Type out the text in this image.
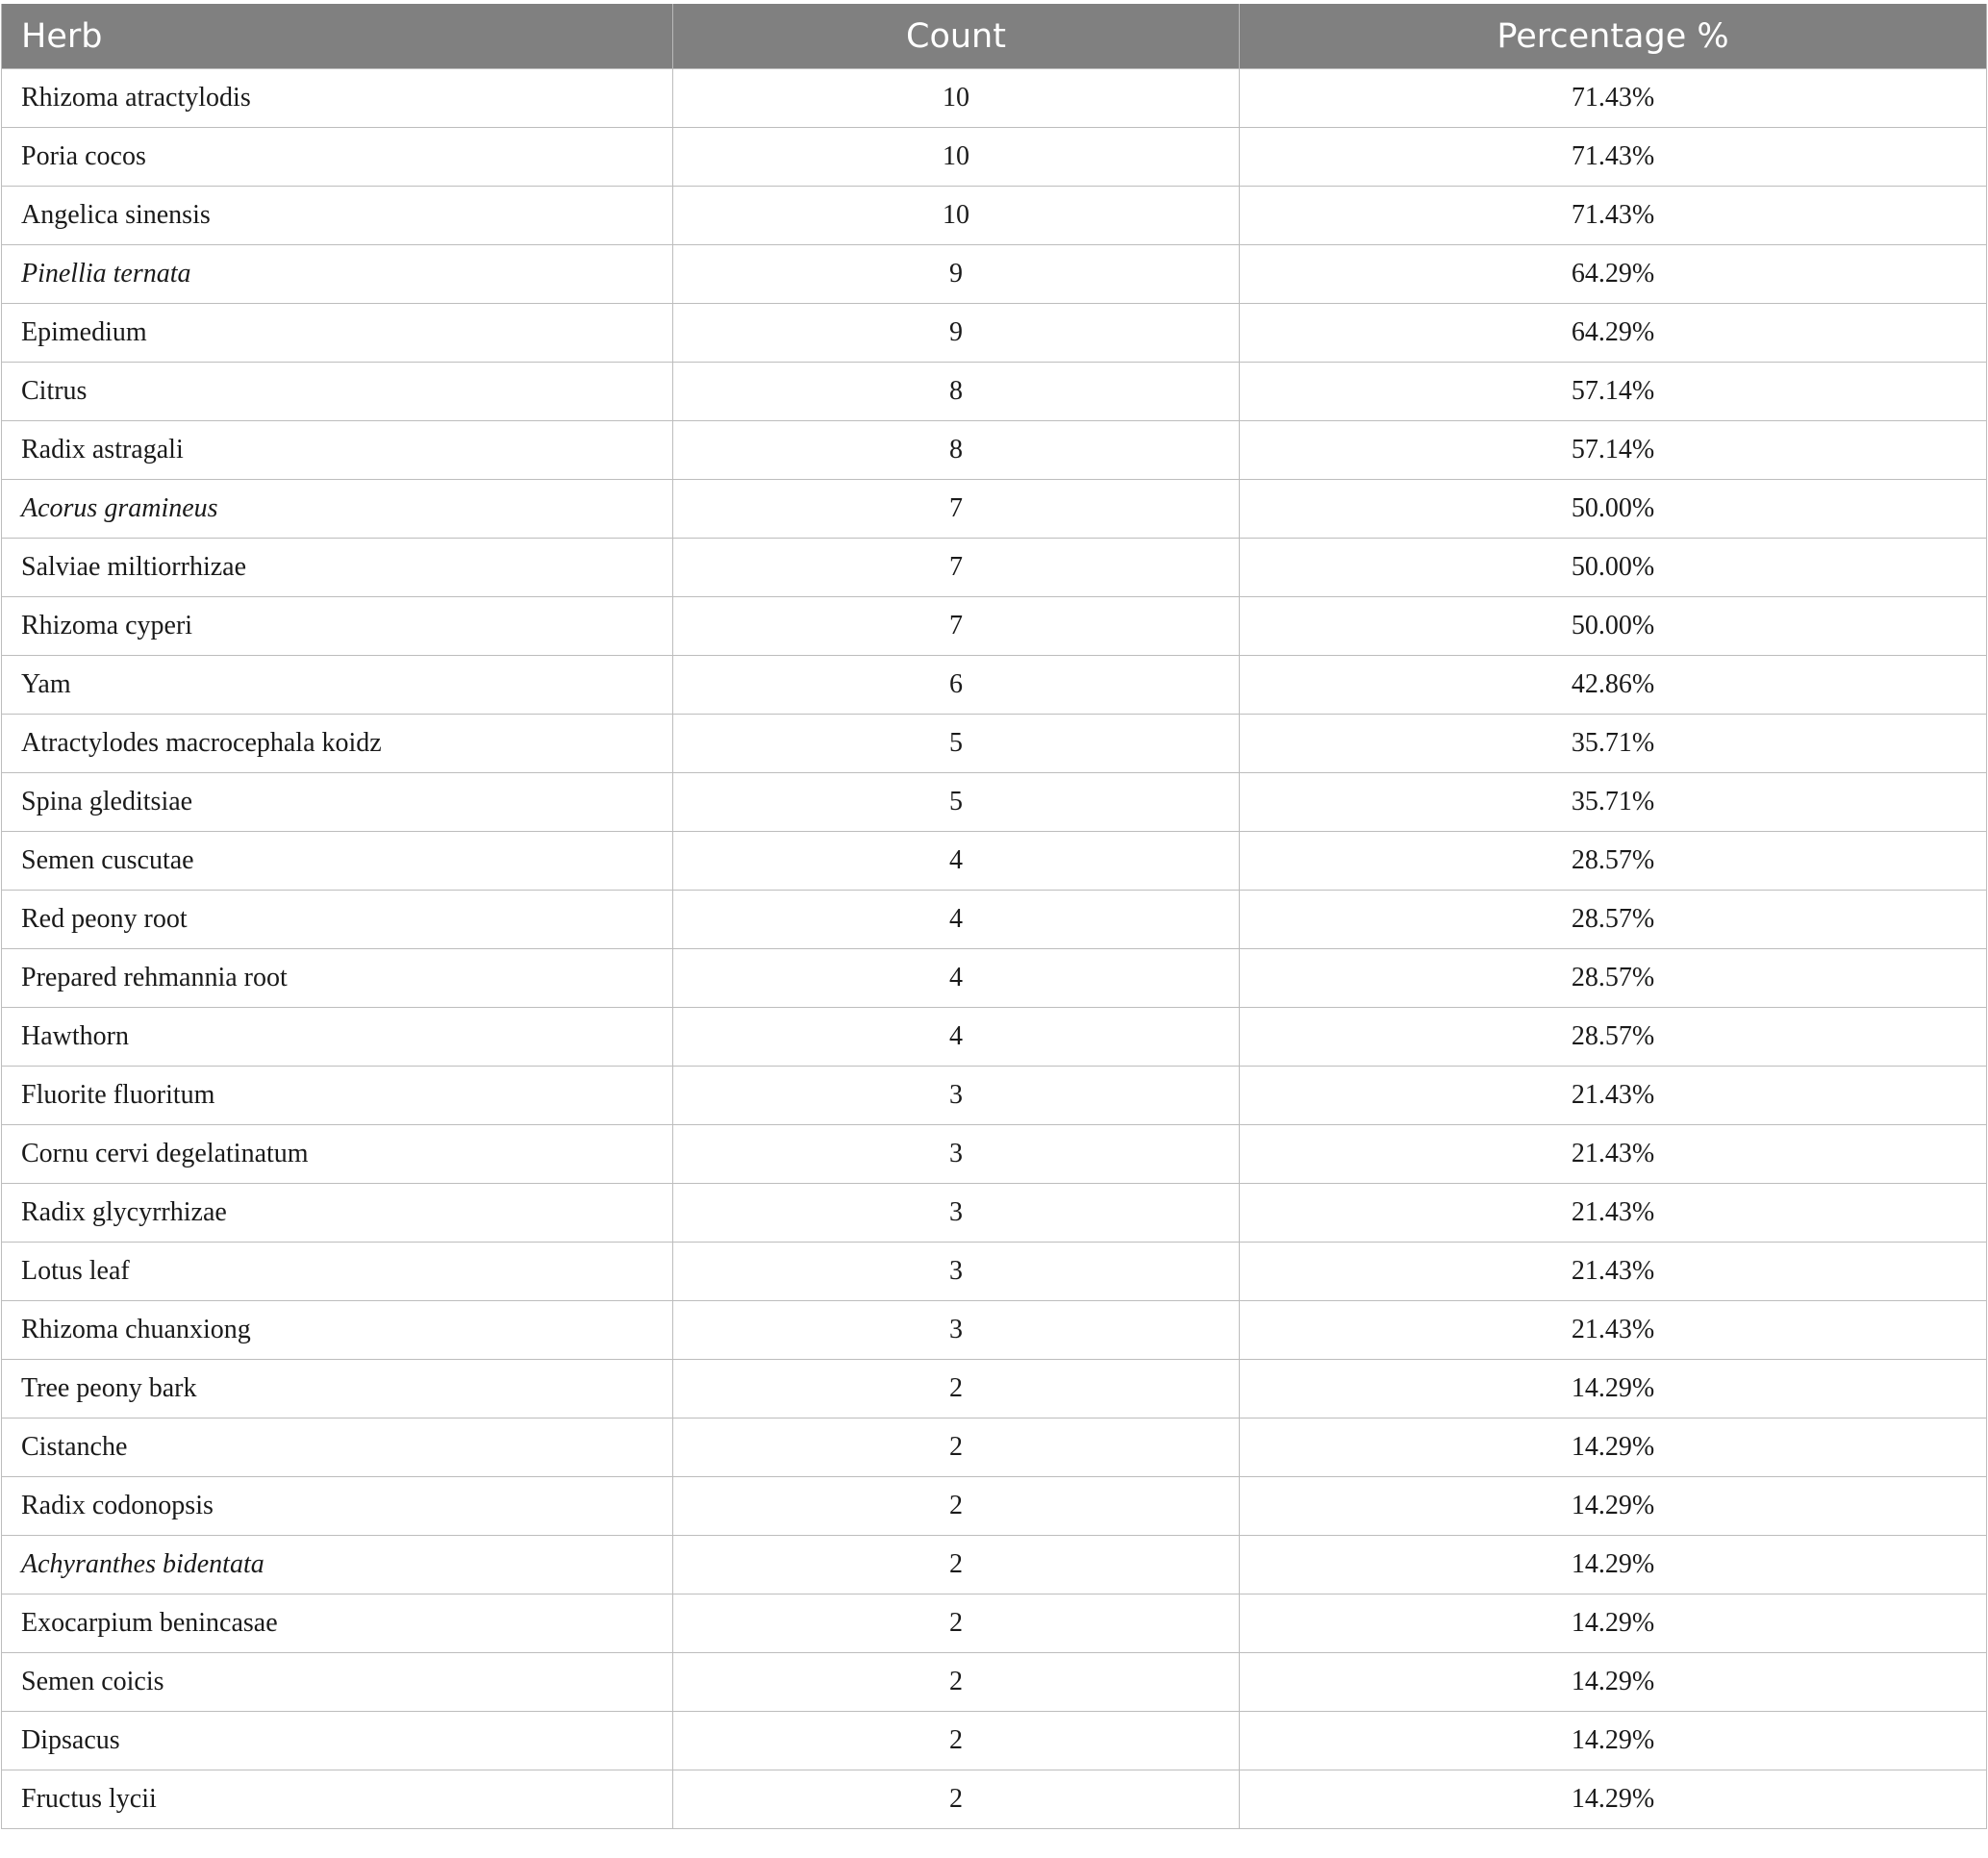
Herb	Count	Percentage %
Rhizoma atractylodis	10	71.43%
Poria cocos	10	71.43%
Angelica sinensis	10	71.43%
Pinellia ternata	9	64.29%
Epimedium	9	64.29%
Citrus	8	57.14%
Radix astragali	8	57.14%
Acorus gramineus	7	50.00%
Salviae miltiorrhizae	7	50.00%
Rhizoma cyperi	7	50.00%
Yam	6	42.86%
Atractylodes macrocephala koidz	5	35.71%
Spina gleditsiae	5	35.71%
Semen cuscutae	4	28.57%
Red peony root	4	28.57%
Prepared rehmannia root	4	28.57%
Hawthorn	4	28.57%
Fluorite fluoritum	3	21.43%
Cornu cervi degelatinatum	3	21.43%
Radix glycyrrhizae	3	21.43%
Lotus leaf	3	21.43%
Rhizoma chuanxiong	3	21.43%
Tree peony bark	2	14.29%
Cistanche	2	14.29%
Radix codonopsis	2	14.29%
Achyranthes bidentata	2	14.29%
Exocarpium benincasae	2	14.29%
Semen coicis	2	14.29%
Dipsacus	2	14.29%
Fructus lycii	2	14.29%
